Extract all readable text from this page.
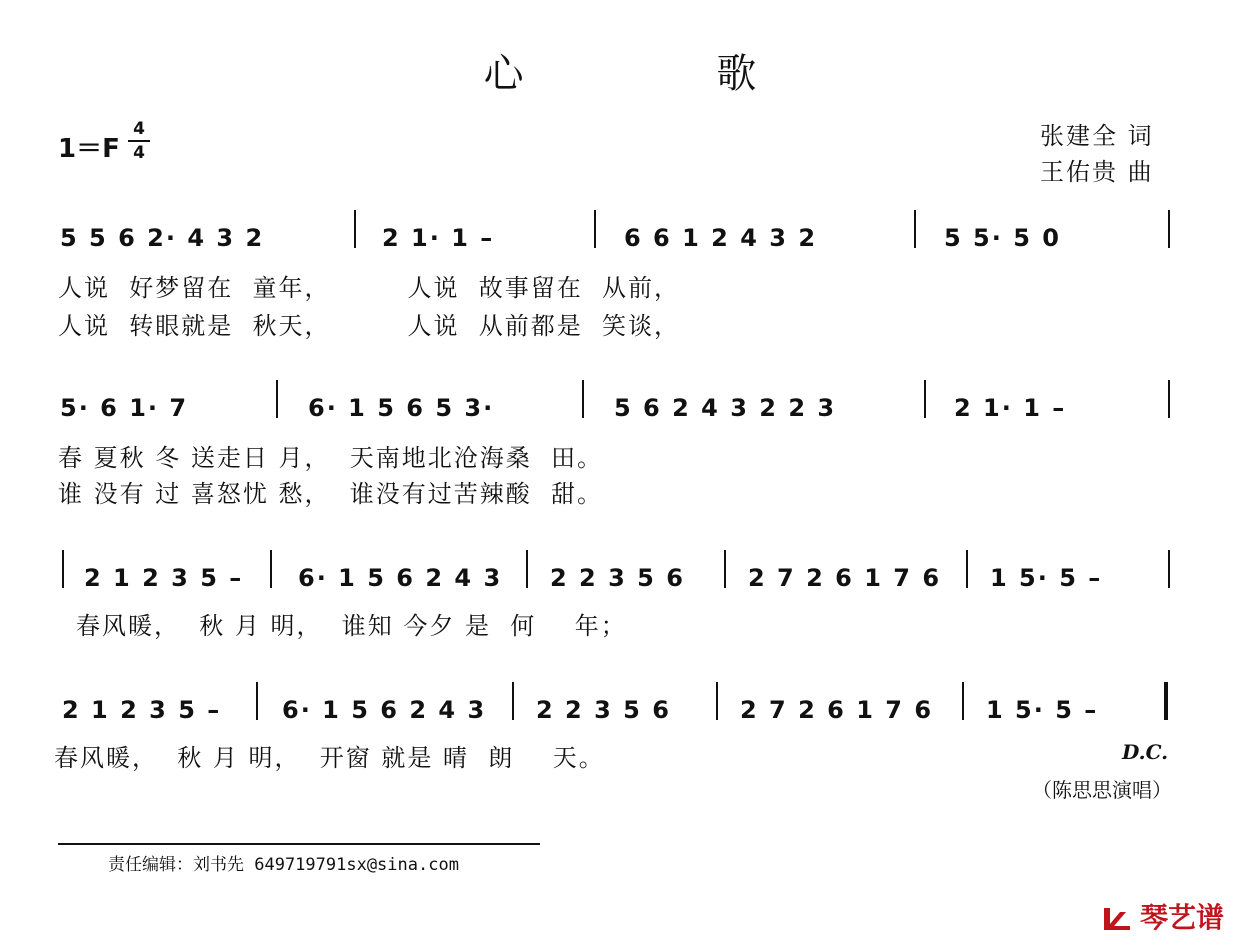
心 歌
1＝F
4
4
张建全 词
王佑贵 曲
5 5 6 2· 4 3 2	2 1· 1 –	6 6 1 2 4 3 2	5 5· 5 0
人说  好梦留在  童年，        人说  故事留在  从前，
人说  转眼就是  秋天，        人说  从前都是  笑谈，
5· 6 1· 7	6· 1 5 6 5 3·	5 6 2 4 3 2 2 3	2 1· 1 –
春 夏秋 冬 送走日 月，  天南地北沧海桑  田。
谁 没有 过 喜怒忧 愁，  谁没有过苦辣酸  甜。
2 1 2 3 5 – 6· 1 5 6 2 4 3 2 2 3 5 6	2 7 2 6 1 7 6 1 5· 5 –
春风暖，  秋 月 明，  谁知 今夕 是  何    年；
2 1 2 3 5 –	6· 1 5 6 2 4 3 2 2 3 5 6	2 7 2 6 1 7 6 1 5· 5 –
春风暖，  秋 月 明，  开窗 就是 晴  朗    天。	D.C.
（陈思思演唱）
责任编辑：刘书先 649719791sx@sina.com
琴艺谱
